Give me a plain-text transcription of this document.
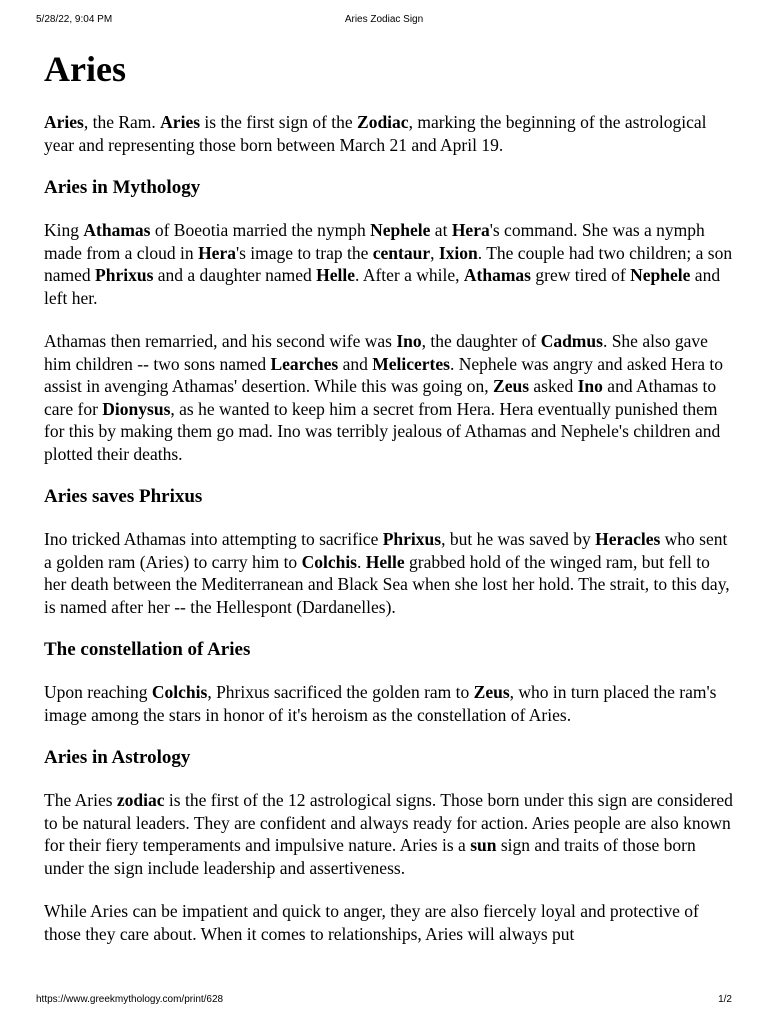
5/28/22, 9:04 PM	Aries Zodiac Sign
Aries

Aries, the Ram. Aries is the first sign of the Zodiac, marking the beginning of the astrological year and representing those born between March 21 and April 19.

Aries in Mythology

King Athamas of Boeotia married the nymph Nephele at Hera's command. She was a nymph made from a cloud in Hera's image to trap the centaur, Ixion. The couple had two children; a son named Phrixus and a daughter named Helle. After a while, Athamas grew tired of Nephele and left her.

Athamas then remarried, and his second wife was Ino, the daughter of Cadmus. She also gave him children -- two sons named Learches and Melicertes. Nephele was angry and asked Hera to assist in avenging Athamas' desertion. While this was going on, Zeus asked Ino and Athamas to care for Dionysus, as he wanted to keep him a secret from Hera. Hera eventually punished them for this by making them go mad. Ino was terribly jealous of Athamas and Nephele's children and plotted their deaths.

Aries saves Phrixus

Ino tricked Athamas into attempting to sacrifice Phrixus, but he was saved by Heracles who sent a golden ram (Aries) to carry him to Colchis. Helle grabbed hold of the winged ram, but fell to her death between the Mediterranean and Black Sea when she lost her hold. The strait, to this day, is named after her -- the Hellespont (Dardanelles).

The constellation of Aries

Upon reaching Colchis, Phrixus sacrificed the golden ram to Zeus, who in turn placed the ram's image among the stars in honor of it's heroism as the constellation of Aries.

Aries in Astrology

The Aries zodiac is the first of the 12 astrological signs. Those born under this sign are considered to be natural leaders. They are confident and always ready for action. Aries people are also known for their fiery temperaments and impulsive nature. Aries is a sun sign and traits of those born under the sign include leadership and assertiveness.

While Aries can be impatient and quick to anger, they are also fiercely loyal and protective of those they care about. When it comes to relationships, Aries will always put

https://www.greekmythology.com/print/628	1/2
